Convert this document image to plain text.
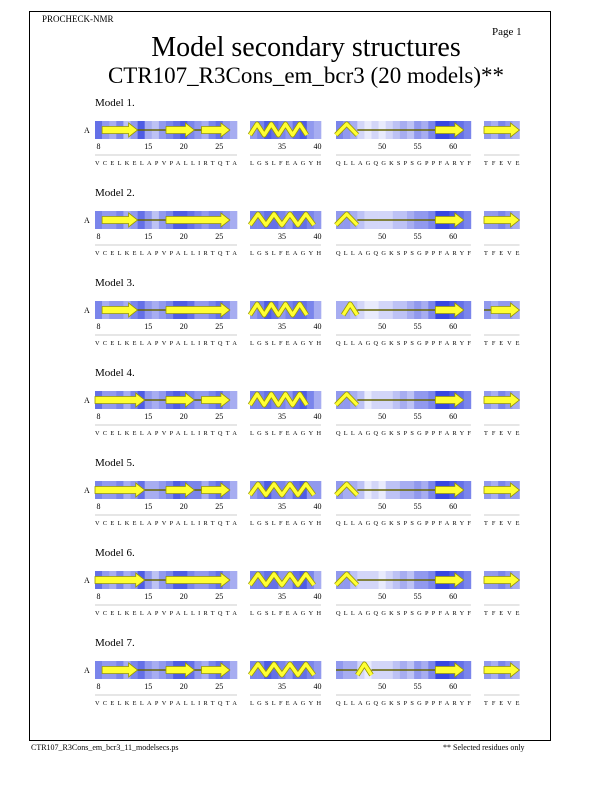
PROCHECK-NMR
Page 1
Model secondary structures
CTR107_R3Cons_em_bcr3 (20 models)**
Model 1.
A
8	15	20	25
VCELKELAPVPALLIRTQTA
35	40
LGSLFEAGYH
50	55	60
QLLAGQGKSPSGPPFARYF TFEVE
Model 2.
A
8	15	20	25
VCELKELAPVPALLIRTQTA
35	40
LGSLFEAGYH
50	55	60
QLLAGQGKSPSGPPFARYF TFEVE
Model 3.
A
8	15	20	25
VCELKELAPVPALLIRTQTA
35	40
LGSLFEAGYH
50	55	60
QLLAGQGKSPSGPPFARYF TFEVE
Model 4.
A
8	15	20	25
VCELKELAPVPALLIRTQTA
35	40
LGSLFEAGYH
50	55	60
QLLAGQGKSPSGPPFARYF TFEVE
Model 5.
A
8	15	20	25
VCELKELAPVPALLIRTQTA
35	40
LGSLFEAGYH
50	55	60
QLLAGQGKSPSGPPFARYF TFEVE
Model 6.
A
8	15	20	25
VCELKELAPVPALLIRTQTA
35	40
LGSLFEAGYH
50	55	60
QLLAGQGKSPSGPPFARYF TFEVE
Model 7.
A
8	15	20	25
VCELKELAPVPALLIRTQTA
35	40
LGSLFEAGYH
50	55	60
QLLAGQGKSPSGPPFARYF TFEVE
CTR107_R3Cons_em_bcr3_11_modelsecs.ps	** Selected residues only
